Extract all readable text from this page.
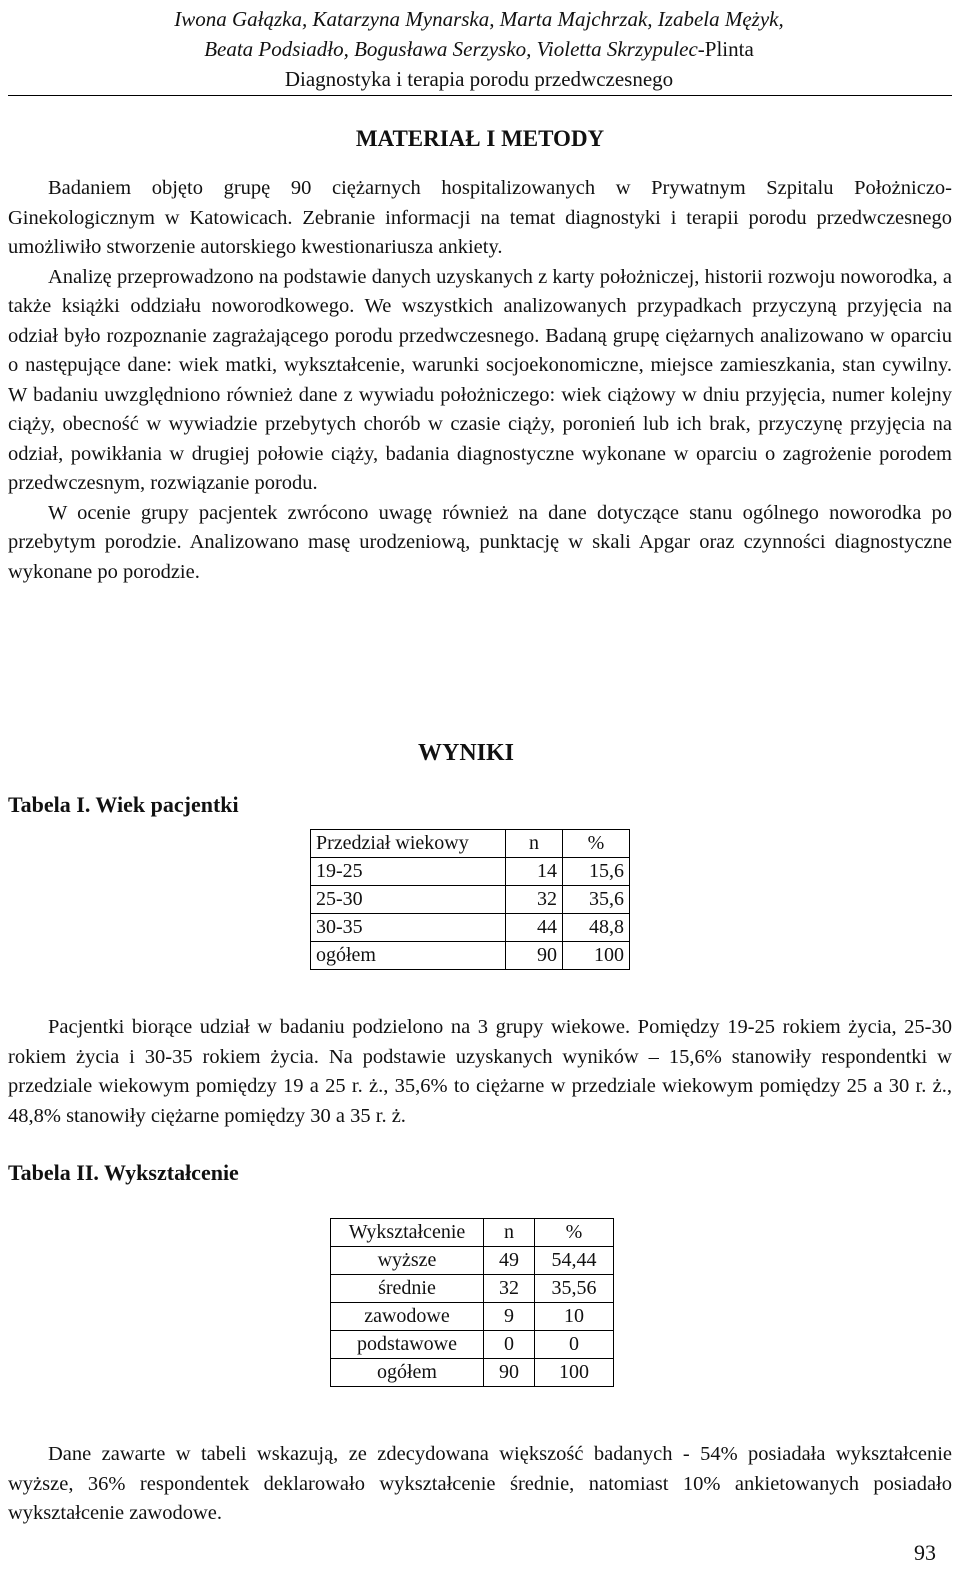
Iwona Gałązka, Katarzyna Mynarska, Marta Majchrzak, Izabela Mężyk,
Beata Podsiadło, Bogusława Serzysko, Violetta Skrzypulec-Plinta
Diagnostyka i terapia porodu przedwczesnego
MATERIAŁ I METODY

Badaniem objęto grupę 90 ciężarnych hospitalizowanych w Prywatnym Szpitalu Położniczo-Ginekologicznym w Katowicach. Zebranie informacji na temat diagnostyki i terapii porodu przedwczesnego umożliwiło stworzenie autorskiego kwestionariusza ankiety.

Analizę przeprowadzono na podstawie danych uzyskanych z karty położniczej, historii rozwoju noworodka, a także książki oddziału noworodkowego. We wszystkich analizowanych przypadkach przyczyną przyjęcia na odział było rozpoznanie zagrażającego porodu przedwczesnego. Badaną grupę ciężarnych analizowano w oparciu o następujące dane: wiek matki, wykształcenie, warunki socjoekonomiczne, miejsce zamieszkania, stan cywilny. W badaniu uwzględniono również dane z wywiadu położniczego: wiek ciążowy w dniu przyjęcia, numer kolejny ciąży, obecność w wywiadzie przebytych chorób w czasie ciąży, poronień lub ich brak, przyczynę przyjęcia na odział, powikłania w drugiej połowie ciąży, badania diagnostyczne wykonane w oparciu o zagrożenie porodem przedwczesnym, rozwiązanie porodu.

W ocenie grupy pacjentek zwrócono uwagę również na dane dotyczące stanu ogólnego noworodka po przebytym porodzie. Analizowano masę urodzeniową, punktację w skali Apgar oraz czynności diagnostyczne wykonane po porodzie.

WYNIKI
Tabela I. Wiek pacjentki
Przedział wiekowy	n	%
19-25	14	15,6
25-30	32	35,6
30-35	44	48,8
ogółem	90	100

Pacjentki biorące udział w badaniu podzielono na 3 grupy wiekowe. Pomiędzy 19-25 rokiem życia, 25-30 rokiem życia i 30-35 rokiem życia. Na podstawie uzyskanych wyników – 15,6% stanowiły respondentki w przedziale wiekowym pomiędzy 19 a 25 r. ż., 35,6% to ciężarne w przedziale wiekowym pomiędzy 25 a 30 r. ż., 48,8% stanowiły ciężarne pomiędzy 30 a 35 r. ż.

Tabela II. Wykształcenie
Wykształcenie	n	%
wyższe	49	54,44
średnie	32	35,56
zawodowe	9	10
podstawowe	0	0
ogółem	90	100

Dane zawarte w tabeli wskazują, ze zdecydowana większość badanych - 54% posiadała wykształcenie wyższe, 36% respondentek deklarowało wykształcenie średnie, natomiast 10% ankietowanych posiadało wykształcenie zawodowe.

93
